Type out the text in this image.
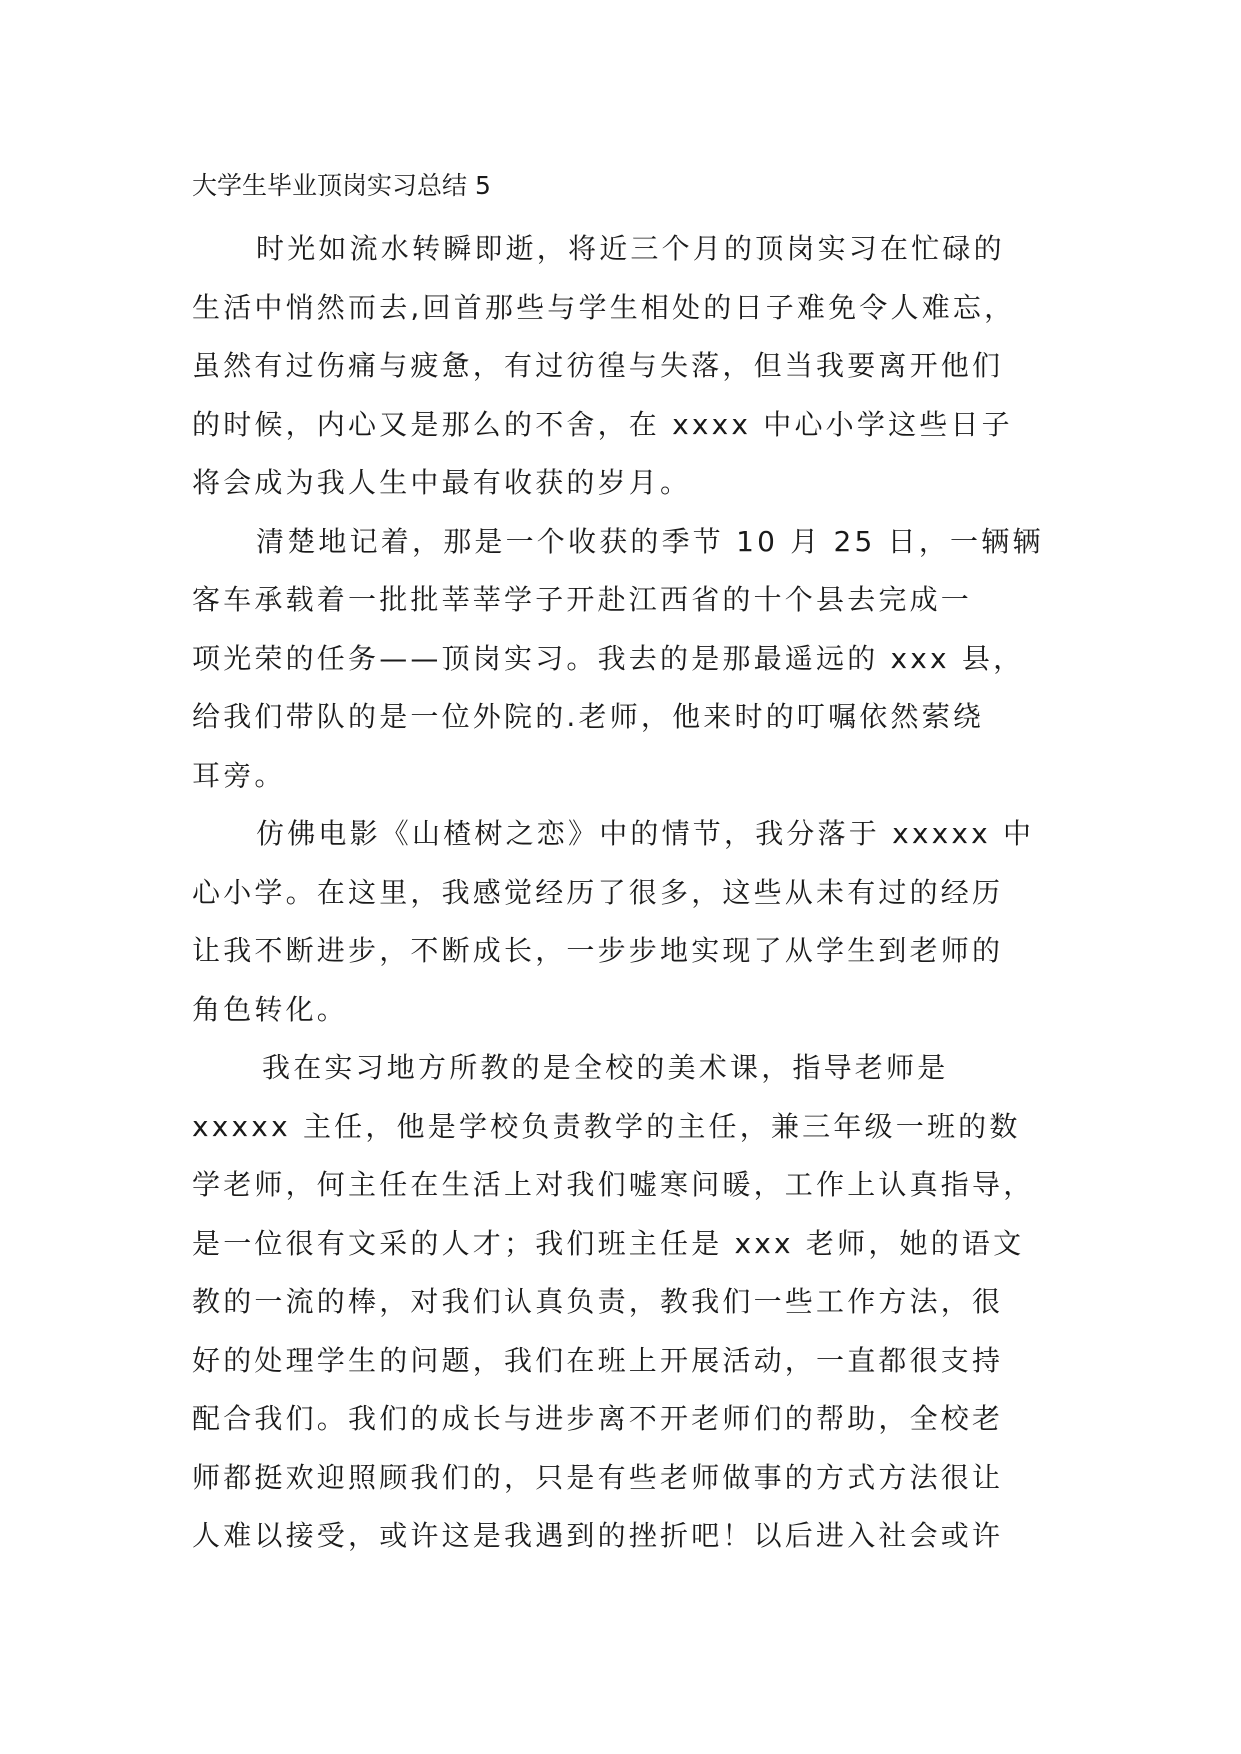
大学生毕业顶岗实习总结 5
时光如流水转瞬即逝，将近三个月的顶岗实习在忙碌的
生活中悄然而去,回首那些与学生相处的日子难免令人难忘，
虽然有过伤痛与疲惫，有过彷徨与失落，但当我要离开他们
的时候，内心又是那么的不舍，在 xxxx 中心小学这些日子
将会成为我人生中最有收获的岁月。
清楚地记着，那是一个收获的季节 10 月 25 日，一辆辆
客车承载着一批批莘莘学子开赴江西省的十个县去完成一
项光荣的任务——顶岗实习。我去的是那最遥远的 xxx 县，
给我们带队的是一位外院的.老师，他来时的叮嘱依然萦绕
耳旁。
仿佛电影《山楂树之恋》中的情节，我分落于 xxxxx 中
心小学。在这里，我感觉经历了很多，这些从未有过的经历
让我不断进步，不断成长，一步步地实现了从学生到老师的
角色转化。
我在实习地方所教的是全校的美术课，指导老师是
xxxxx 主任，他是学校负责教学的主任，兼三年级一班的数
学老师，何主任在生活上对我们嘘寒问暖，工作上认真指导，
是一位很有文采的人才；我们班主任是 xxx 老师，她的语文
教的一流的棒，对我们认真负责，教我们一些工作方法，很
好的处理学生的问题，我们在班上开展活动，一直都很支持
配合我们。我们的成长与进步离不开老师们的帮助，全校老
师都挺欢迎照顾我们的，只是有些老师做事的方式方法很让
人难以接受，或许这是我遇到的挫折吧！以后进入社会或许
